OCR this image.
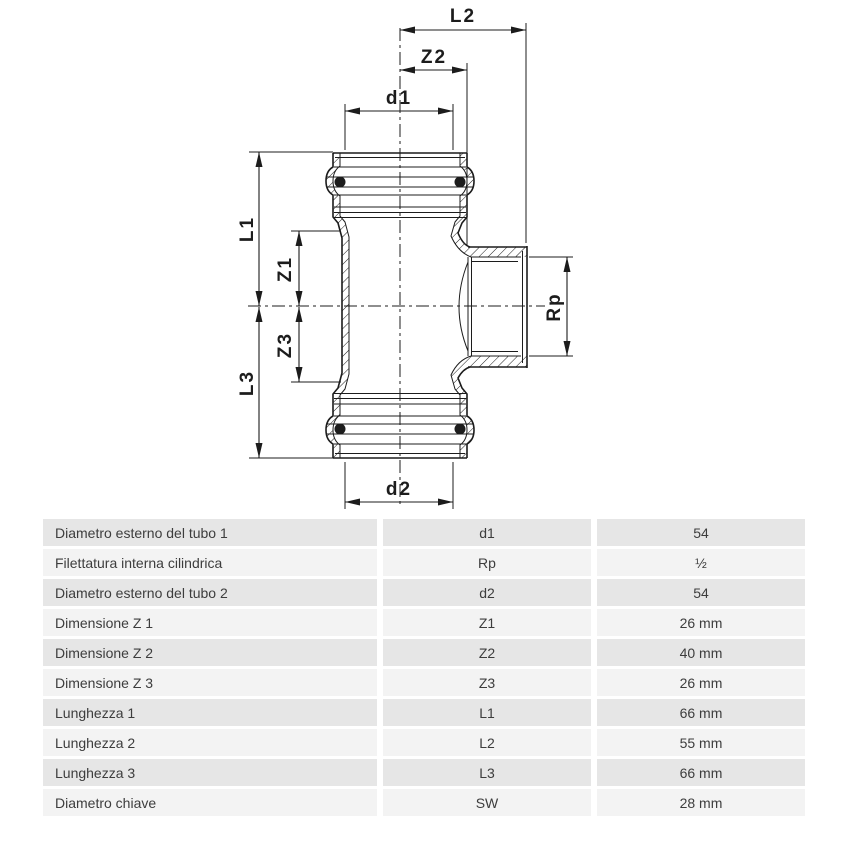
L2
Z2
d1
d2
L1
Z1
Z3
L3
Rp
Diametro esterno del tubo 1	d1	54
Filettatura interna cilindrica	Rp	½
Diametro esterno del tubo 2	d2	54
Dimensione Z 1	Z1	26 mm
Dimensione Z 2	Z2	40 mm
Dimensione Z 3	Z3	26 mm
Lunghezza 1	L1	66 mm
Lunghezza 2	L2	55 mm
Lunghezza 3	L3	66 mm
Diametro chiave	SW	28 mm
